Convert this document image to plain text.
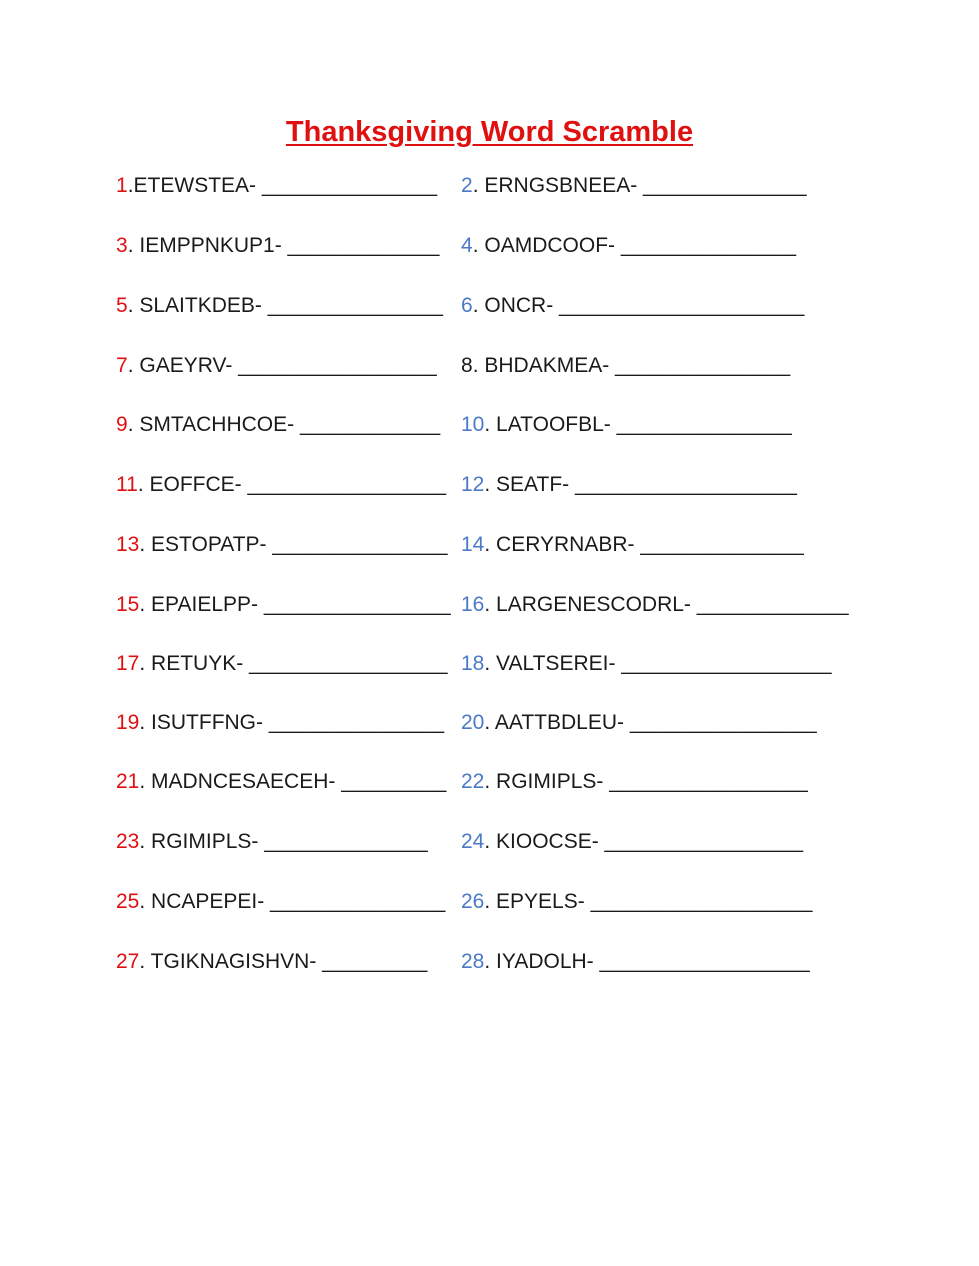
Thanksgiving Word Scramble
1.ETEWSTEA- _______________ 2. ERNGSBNEEA- ______________
3. IEMPPNKUP1- _____________ 4. OAMDCOOF- _______________
5. SLAITKDEB- _______________ 6. ONCR- _____________________
7. GAEYRV- _________________ 8. BHDAKMEA- _______________
9. SMTACHHCOE- ____________ 10. LATOOFBL- _______________
11. EOFFCE- _________________ 12. SEATF- ___________________
13. ESTOPATP- _______________ 14. CERYRNABR- ______________
15. EPAIELPP- ________________ 16. LARGENESCODRL- _____________
17. RETUYK- _________________ 18. VALTSEREI- __________________
19. ISUTFFNG- _______________ 20. AATTBDLEU- ________________
21. MADNCESAECEH- _________ 22. RGIMIPLS- _________________
23. RGIMIPLS- ______________ 24. KIOOCSE- _________________
25. NCAPEPEI- _______________ 26. EPYELS- ___________________
27. TGIKNAGISHVN- _________ 28. IYADOLH- __________________
